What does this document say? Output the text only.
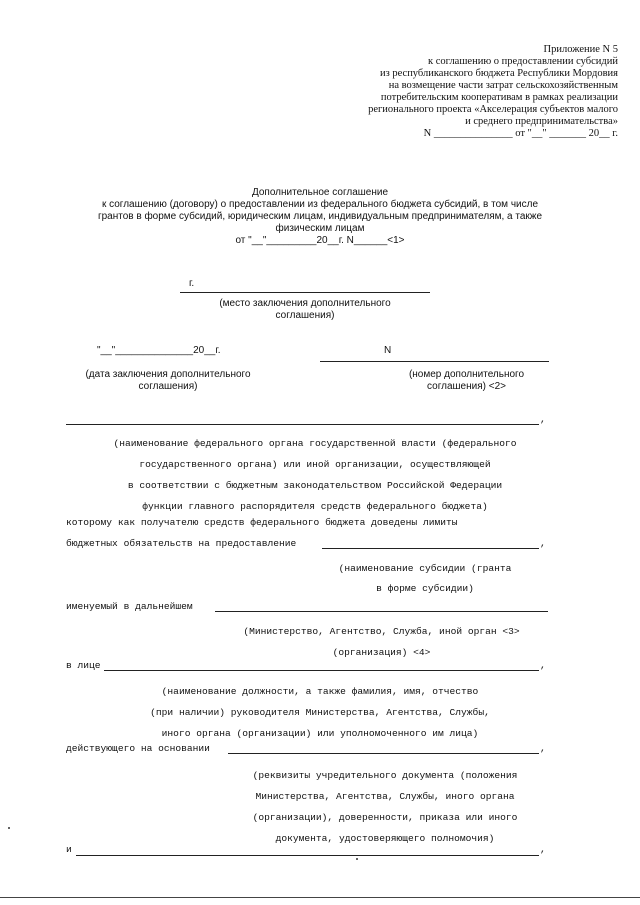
Приложение N 5
к соглашению о предоставлении субсидий
из республиканского бюджета Республики Мордовия
на возмещение части затрат сельскохозяйственным
потребительским кооперативам в рамках реализации
регионального проекта «Акселерация субъектов малого
и среднего предпринимательства»
N _______________ от "__" _______ 20__ г.
Дополнительное соглашение
к соглашению (договору) о предоставлении из федерального бюджета субсидий, в том числе
грантов в форме субсидий, юридическим лицам, индивидуальным предпринимателям, а также
физическим лицам
от "__"_________20__г. N______<1>
г.
(место заключения дополнительного
соглашения)
"__"______________20__г.
(дата заключения дополнительного
соглашения)
N
(номер дополнительного
соглашения) <2>
,
(наименование федерального органа государственной власти (федерального
государственного органа) или иной организации, осуществляющей
в соответствии с бюджетным законодательством Российской Федерации
функции главного распорядителя средств федерального бюджета)
которому как получателю средств федерального бюджета доведены лимиты
бюджетных обязательств на предоставление	,
(наименование субсидии (гранта
в форме субсидии)
именуемый в дальнейшем
(Министерство, Агентство, Служба, иной орган <3>
(организация) <4>
в лице	,
(наименование должности, а также фамилия, имя, отчество
(при наличии) руководителя Министерства, Агентства, Службы,
иного органа (организации) или уполномоченного им лица)
действующего на основании	,
(реквизиты учредительного документа (положения
Министерства, Агентства, Службы, иного органа
(организации), доверенности, приказа или иного
документа, удостоверяющего полномочия)
и	,
